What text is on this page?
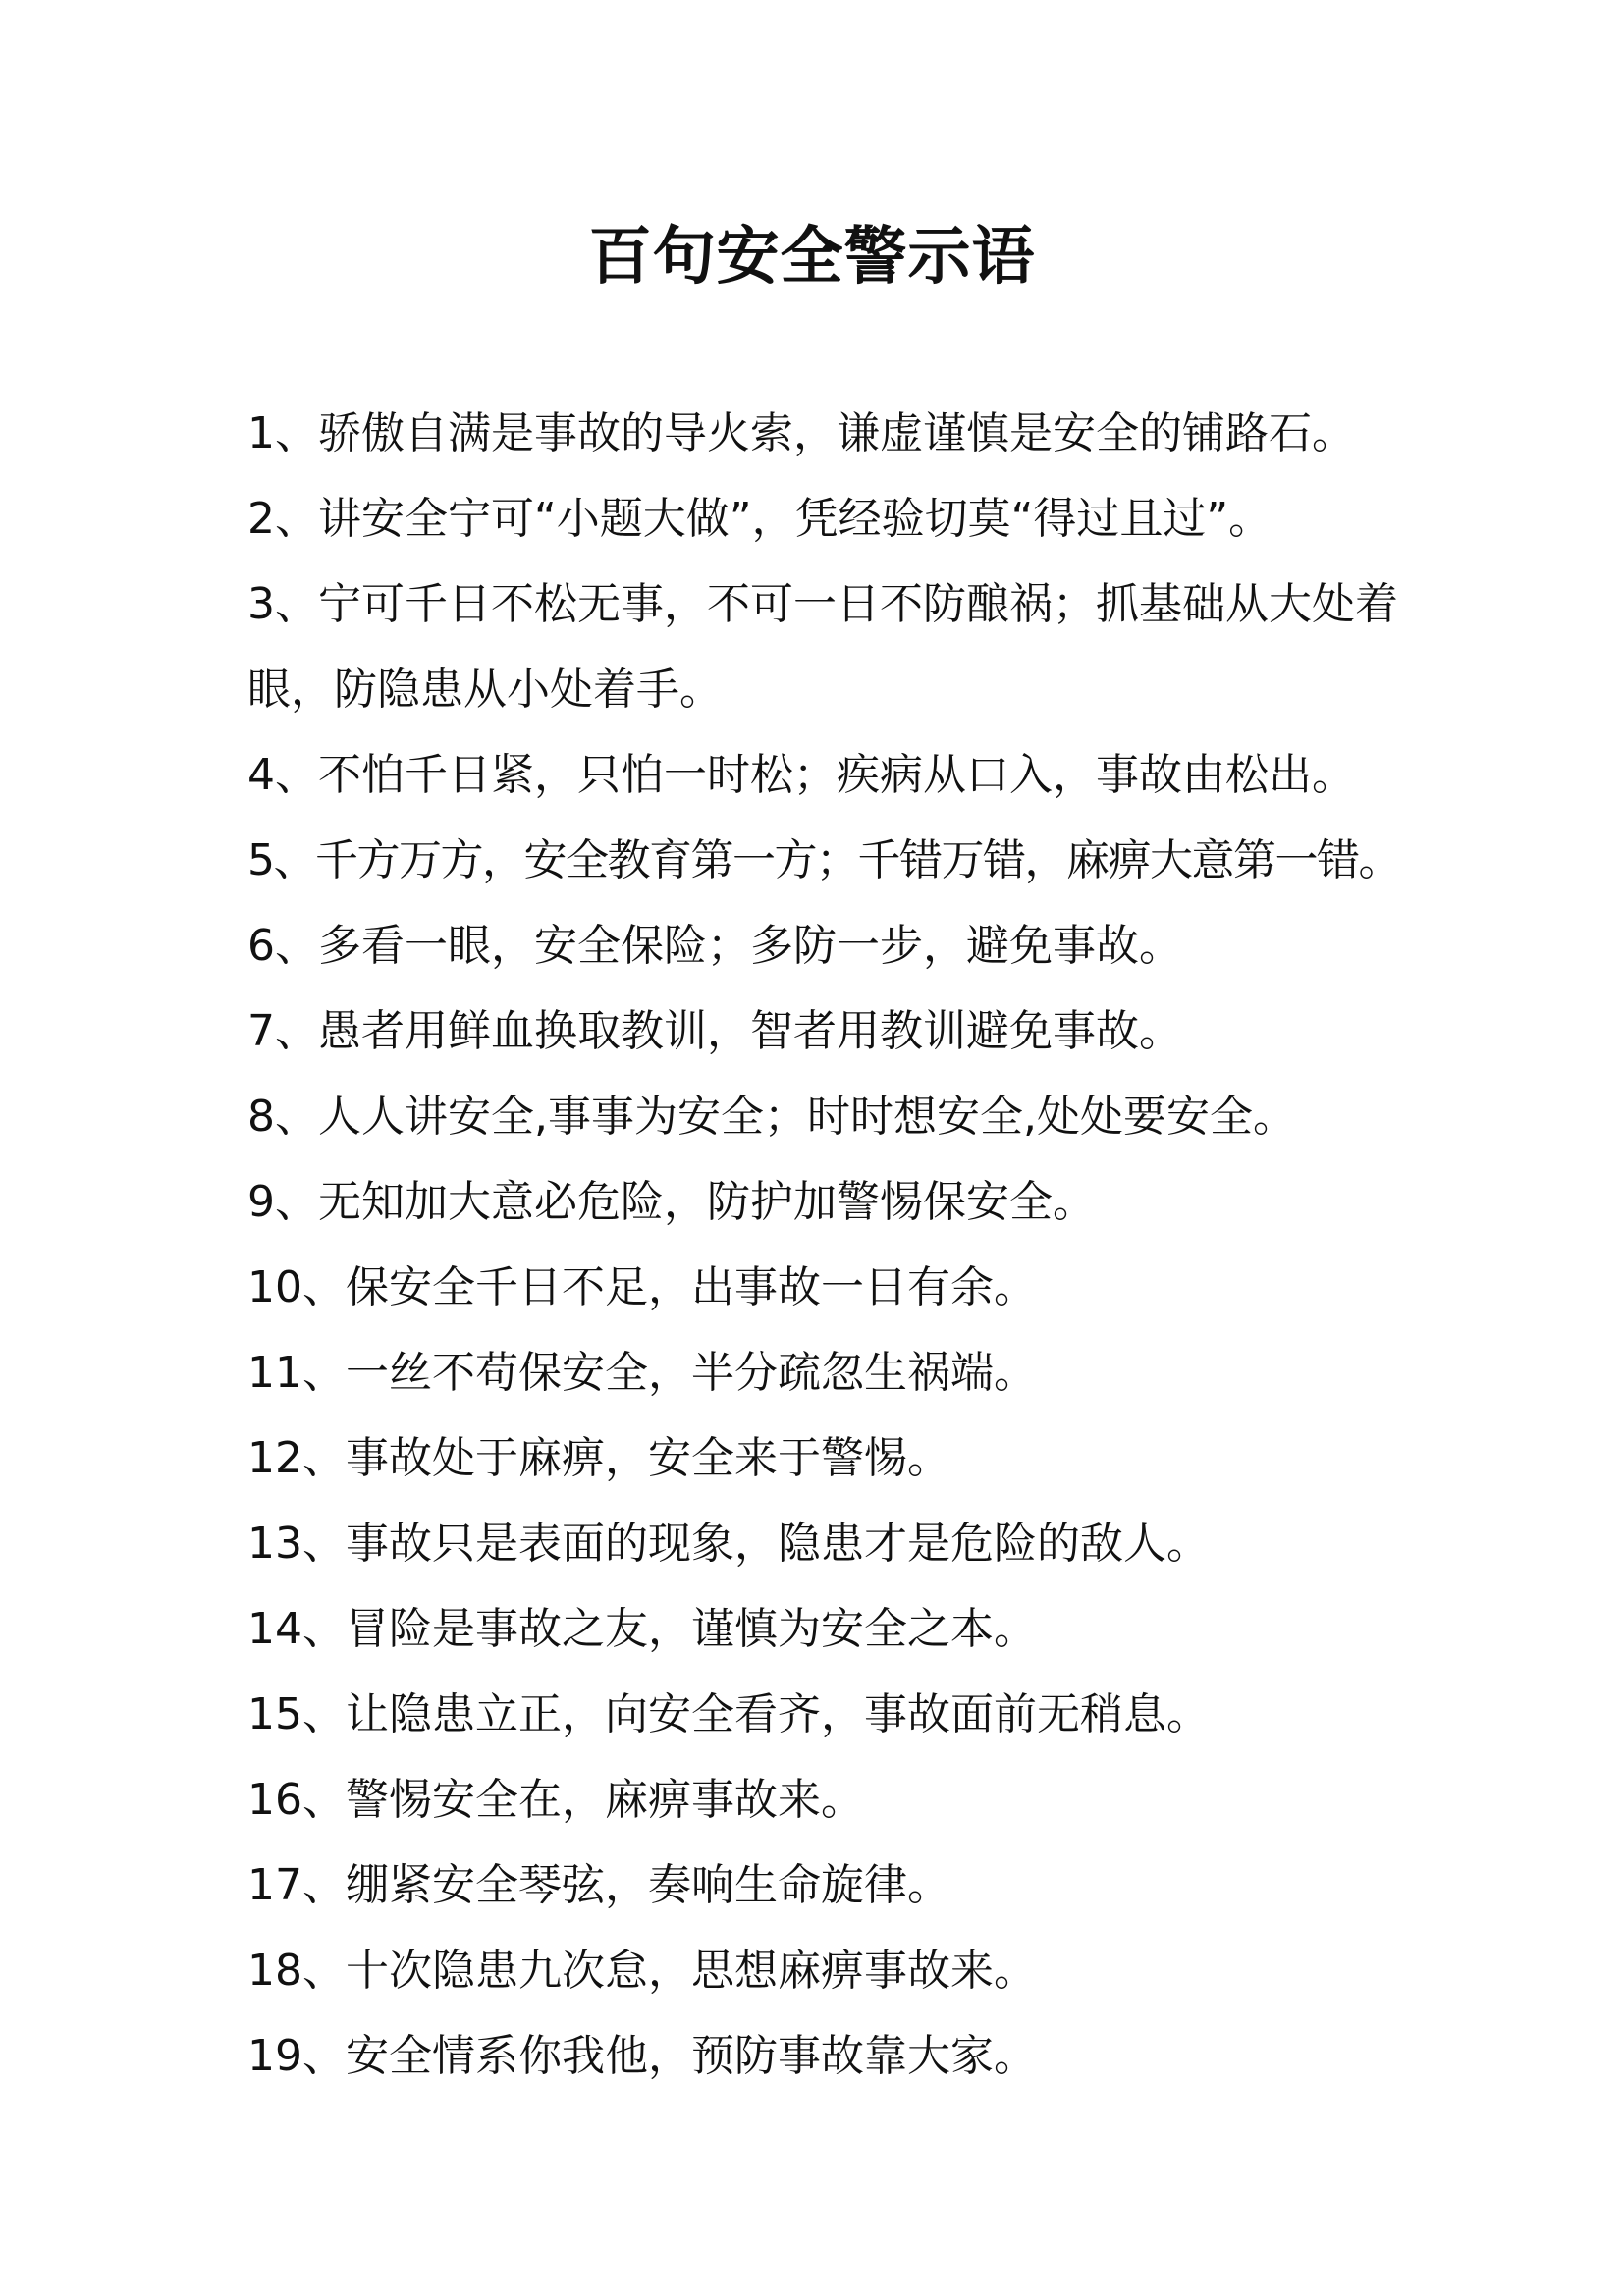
百句安全警示语
1、骄傲自满是事故的导火索，谦虚谨慎是安全的铺路石。
2、讲安全宁可“小题大做”，凭经验切莫“得过且过”。
3、宁可千日不松无事，不可一日不防酿祸；抓基础从大处着
眼，防隐患从小处着手。
4、不怕千日紧，只怕一时松；疾病从口入，事故由松出。
5、千方万方，安全教育第一方；千错万错，麻痹大意第一错。
6、多看一眼，安全保险；多防一步，避免事故。
7、愚者用鲜血换取教训，智者用教训避免事故。
8、人人讲安全,事事为安全；时时想安全,处处要安全。
9、无知加大意必危险，防护加警惕保安全。
10、保安全千日不足，出事故一日有余。
11、一丝不苟保安全，半分疏忽生祸端。
12、事故处于麻痹，安全来于警惕。
13、事故只是表面的现象，隐患才是危险的敌人。
14、冒险是事故之友，谨慎为安全之本。
15、让隐患立正，向安全看齐，事故面前无稍息。
16、警惕安全在，麻痹事故来。
17、绷紧安全琴弦，奏响生命旋律。
18、十次隐患九次怠，思想麻痹事故来。
19、安全情系你我他，预防事故靠大家。
